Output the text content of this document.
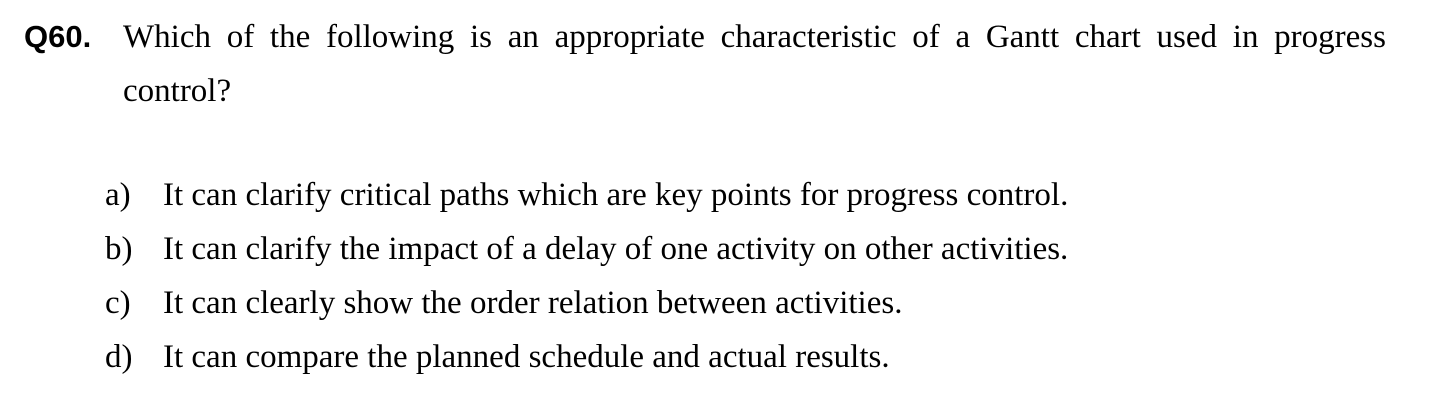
Q60. Which of the following is an appropriate characteristic of a Gantt chart used in progress control?
a) It can clarify critical paths which are key points for progress control.
b) It can clarify the impact of a delay of one activity on other activities.
c) It can clearly show the order relation between activities.
d) It can compare the planned schedule and actual results.
